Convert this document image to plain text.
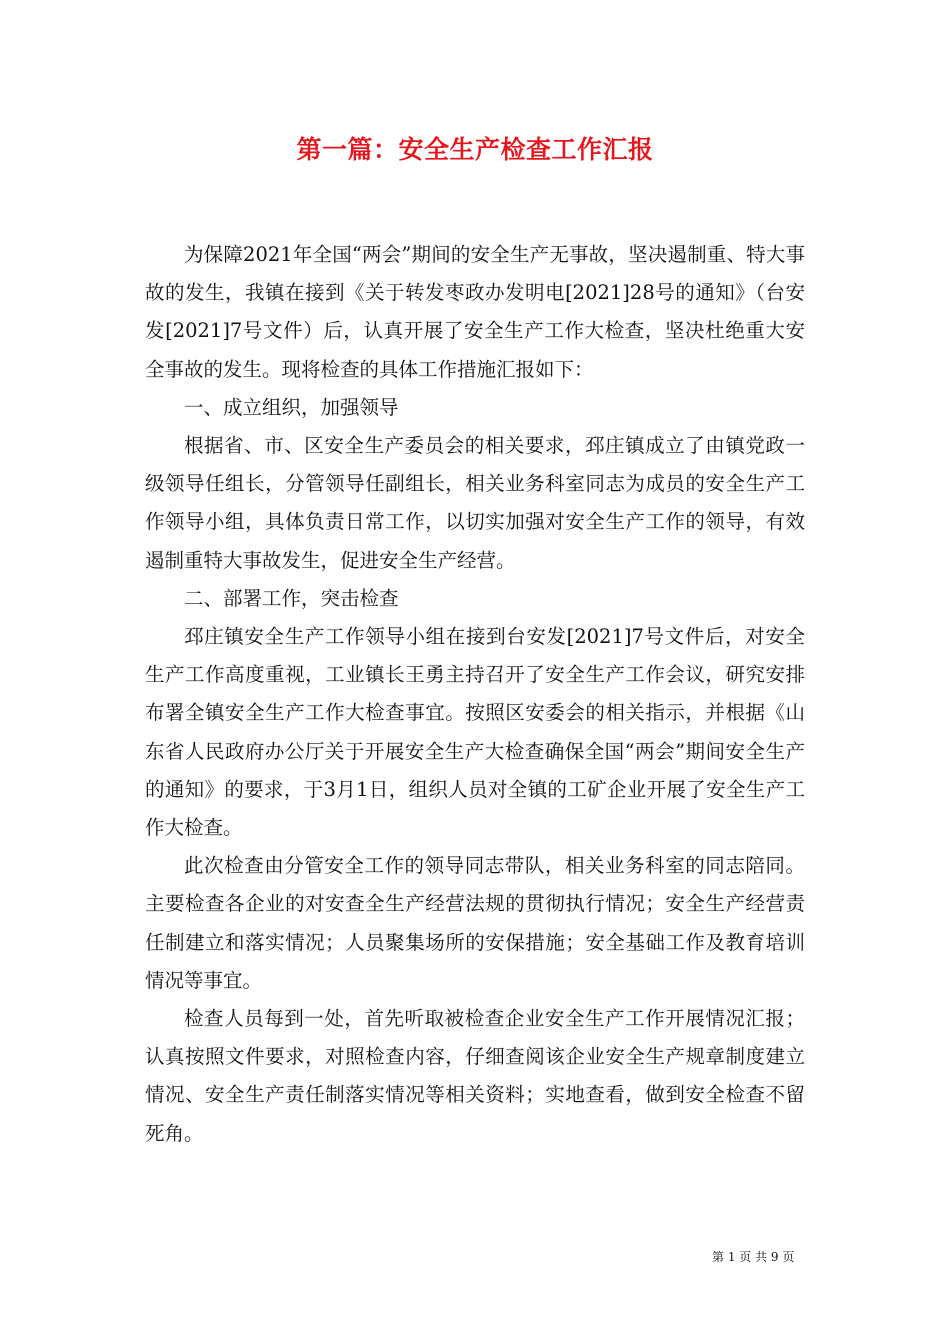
第一篇：安全生产检查工作汇报

为保障2021年全国“两会”期间的安全生产无事故，坚决遏制重、特大事故的发生，我镇在接到《关于转发枣政办发明电[2021]28号的通知》（台安发[2021]7号文件）后，认真开展了安全生产工作大检查，坚决杜绝重大安全事故的发生。现将检查的具体工作措施汇报如下：

一、成立组织，加强领导

根据省、市、区安全生产委员会的相关要求，邳庄镇成立了由镇党政一级领导任组长，分管领导任副组长，相关业务科室同志为成员的安全生产工作领导小组，具体负责日常工作，以切实加强对安全生产工作的领导，有效遏制重特大事故发生，促进安全生产经营。

二、部署工作，突击检查

邳庄镇安全生产工作领导小组在接到台安发[2021]7号文件后，对安全生产工作高度重视，工业镇长王勇主持召开了安全生产工作会议，研究安排布署全镇安全生产工作大检查事宜。按照区安委会的相关指示，并根据《山东省人民政府办公厅关于开展安全生产大检查确保全国“两会”期间安全生产的通知》的要求，于3月1日，组织人员对全镇的工矿企业开展了安全生产工作大检查。

此次检查由分管安全工作的领导同志带队，相关业务科室的同志陪同。主要检查各企业的对安查全生产经营法规的贯彻执行情况；安全生产经营责任制建立和落实情况；人员聚集场所的安保措施；安全基础工作及教育培训情况等事宜。

检查人员每到一处，首先听取被检查企业安全生产工作开展情况汇报；认真按照文件要求，对照检查内容，仔细查阅该企业安全生产规章制度建立情况、安全生产责任制落实情况等相关资料；实地查看，做到安全检查不留死角。

第 1 页 共 9 页
